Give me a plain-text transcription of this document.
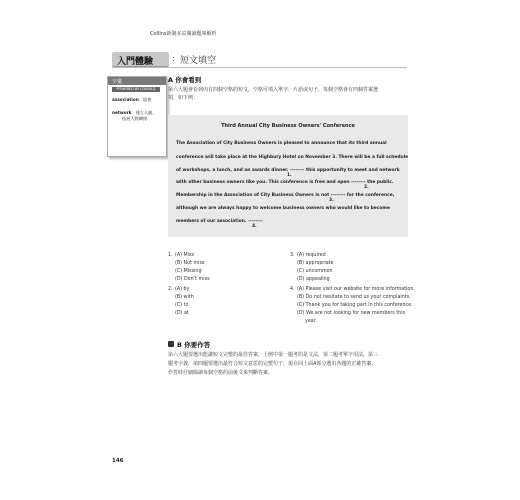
Collins新制多益閱讀題庫解析
入門體驗 : 短文填空
字彙
POWERED BY COBUILD
association．協會
network．建立人脈、
拓展人際網絡
A 你會看到
第六大題會看到內有四個空格的短文，空格可填入單字、片語或句子，每個空格會有四個答案選
項，如下例：
Third Annual City Business Owners' Conference
The Association of City Business Owners is pleased to announce that its third annual
conference will take place at the Highbury Hotel on November 3. There will be a full schedule
of workshops, a lunch, and an awards dinner. -------- this opportunity to meet and network
1.
with other business owners like you. This conference is free and open -------- the public.
2.
Membership in the Association of City Business Owners is not -------- for the conference,
3.
although we are always happy to welcome business owners who would like to become
members of our association. --------
4.
1. (A) Miss
(B) Not miss
(C) Missing
(D) Don’t miss
2. (A) by
(B) with
(C) to
(D) at
3. (A) required
(B) appropriate
(C) uncommon
(D) appealing
4. (A) Please visit our website for more information.
(B) Do not hesitate to send us your complaints.
(C) Thank you for taking part in this conference.
(D) We are not looking for new members this
year.
B 你要作答
第六大題要選出能讓短文完整的最佳答案，上例中第一題考的是文法，第二題考單字用法，第三
題考字義，第四題要選出最符合短文意思的完整句子，現在回上面A部分選出各題的正確答案，
作答時仔細閱讀每個空格的前後文來判斷答案。
146
